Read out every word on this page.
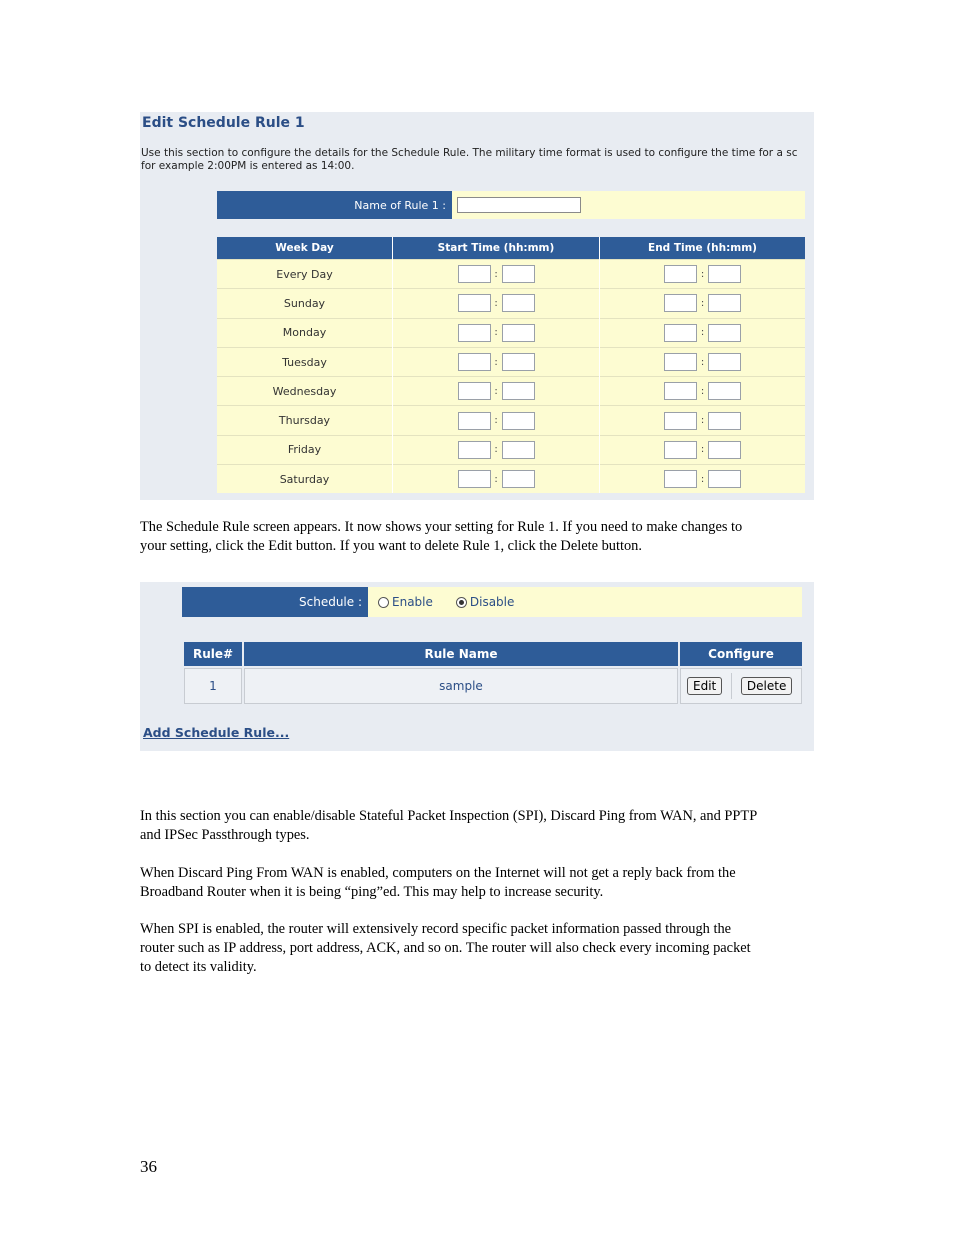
Edit Schedule Rule 1
Use this section to configure the details for the Schedule Rule. The military time format is used to configure the time for a sc
for example 2:00PM is entered as 14:00.
Name of Rule 1 :
Week Day	Start Time (hh:mm)	End Time (hh:mm)
Every Day	:	:
Sunday	:	:
Monday	:	:
Tuesday	:	:
Wednesday	:	:
Thursday	:	:
Friday	:	:
Saturday	:	:
The Schedule Rule screen appears. It now shows your setting for Rule 1. If you need to make changes to
your setting, click the Edit button. If you want to delete Rule 1, click the Delete button.
Schedule :	Enable	Disable
Rule#	Rule Name	Configure
1	sample	Edit Delete
Add Schedule Rule...
In this section you can enable/disable Stateful Packet Inspection (SPI), Discard Ping from WAN, and PPTP
and IPSec Passthrough types.
When Discard Ping From WAN is enabled, computers on the Internet will not get a reply back from the
Broadband Router when it is being “ping”ed. This may help to increase security.
When SPI is enabled, the router will extensively record specific packet information passed through the
router such as IP address, port address, ACK, and so on. The router will also check every incoming packet
to detect its validity.
36
